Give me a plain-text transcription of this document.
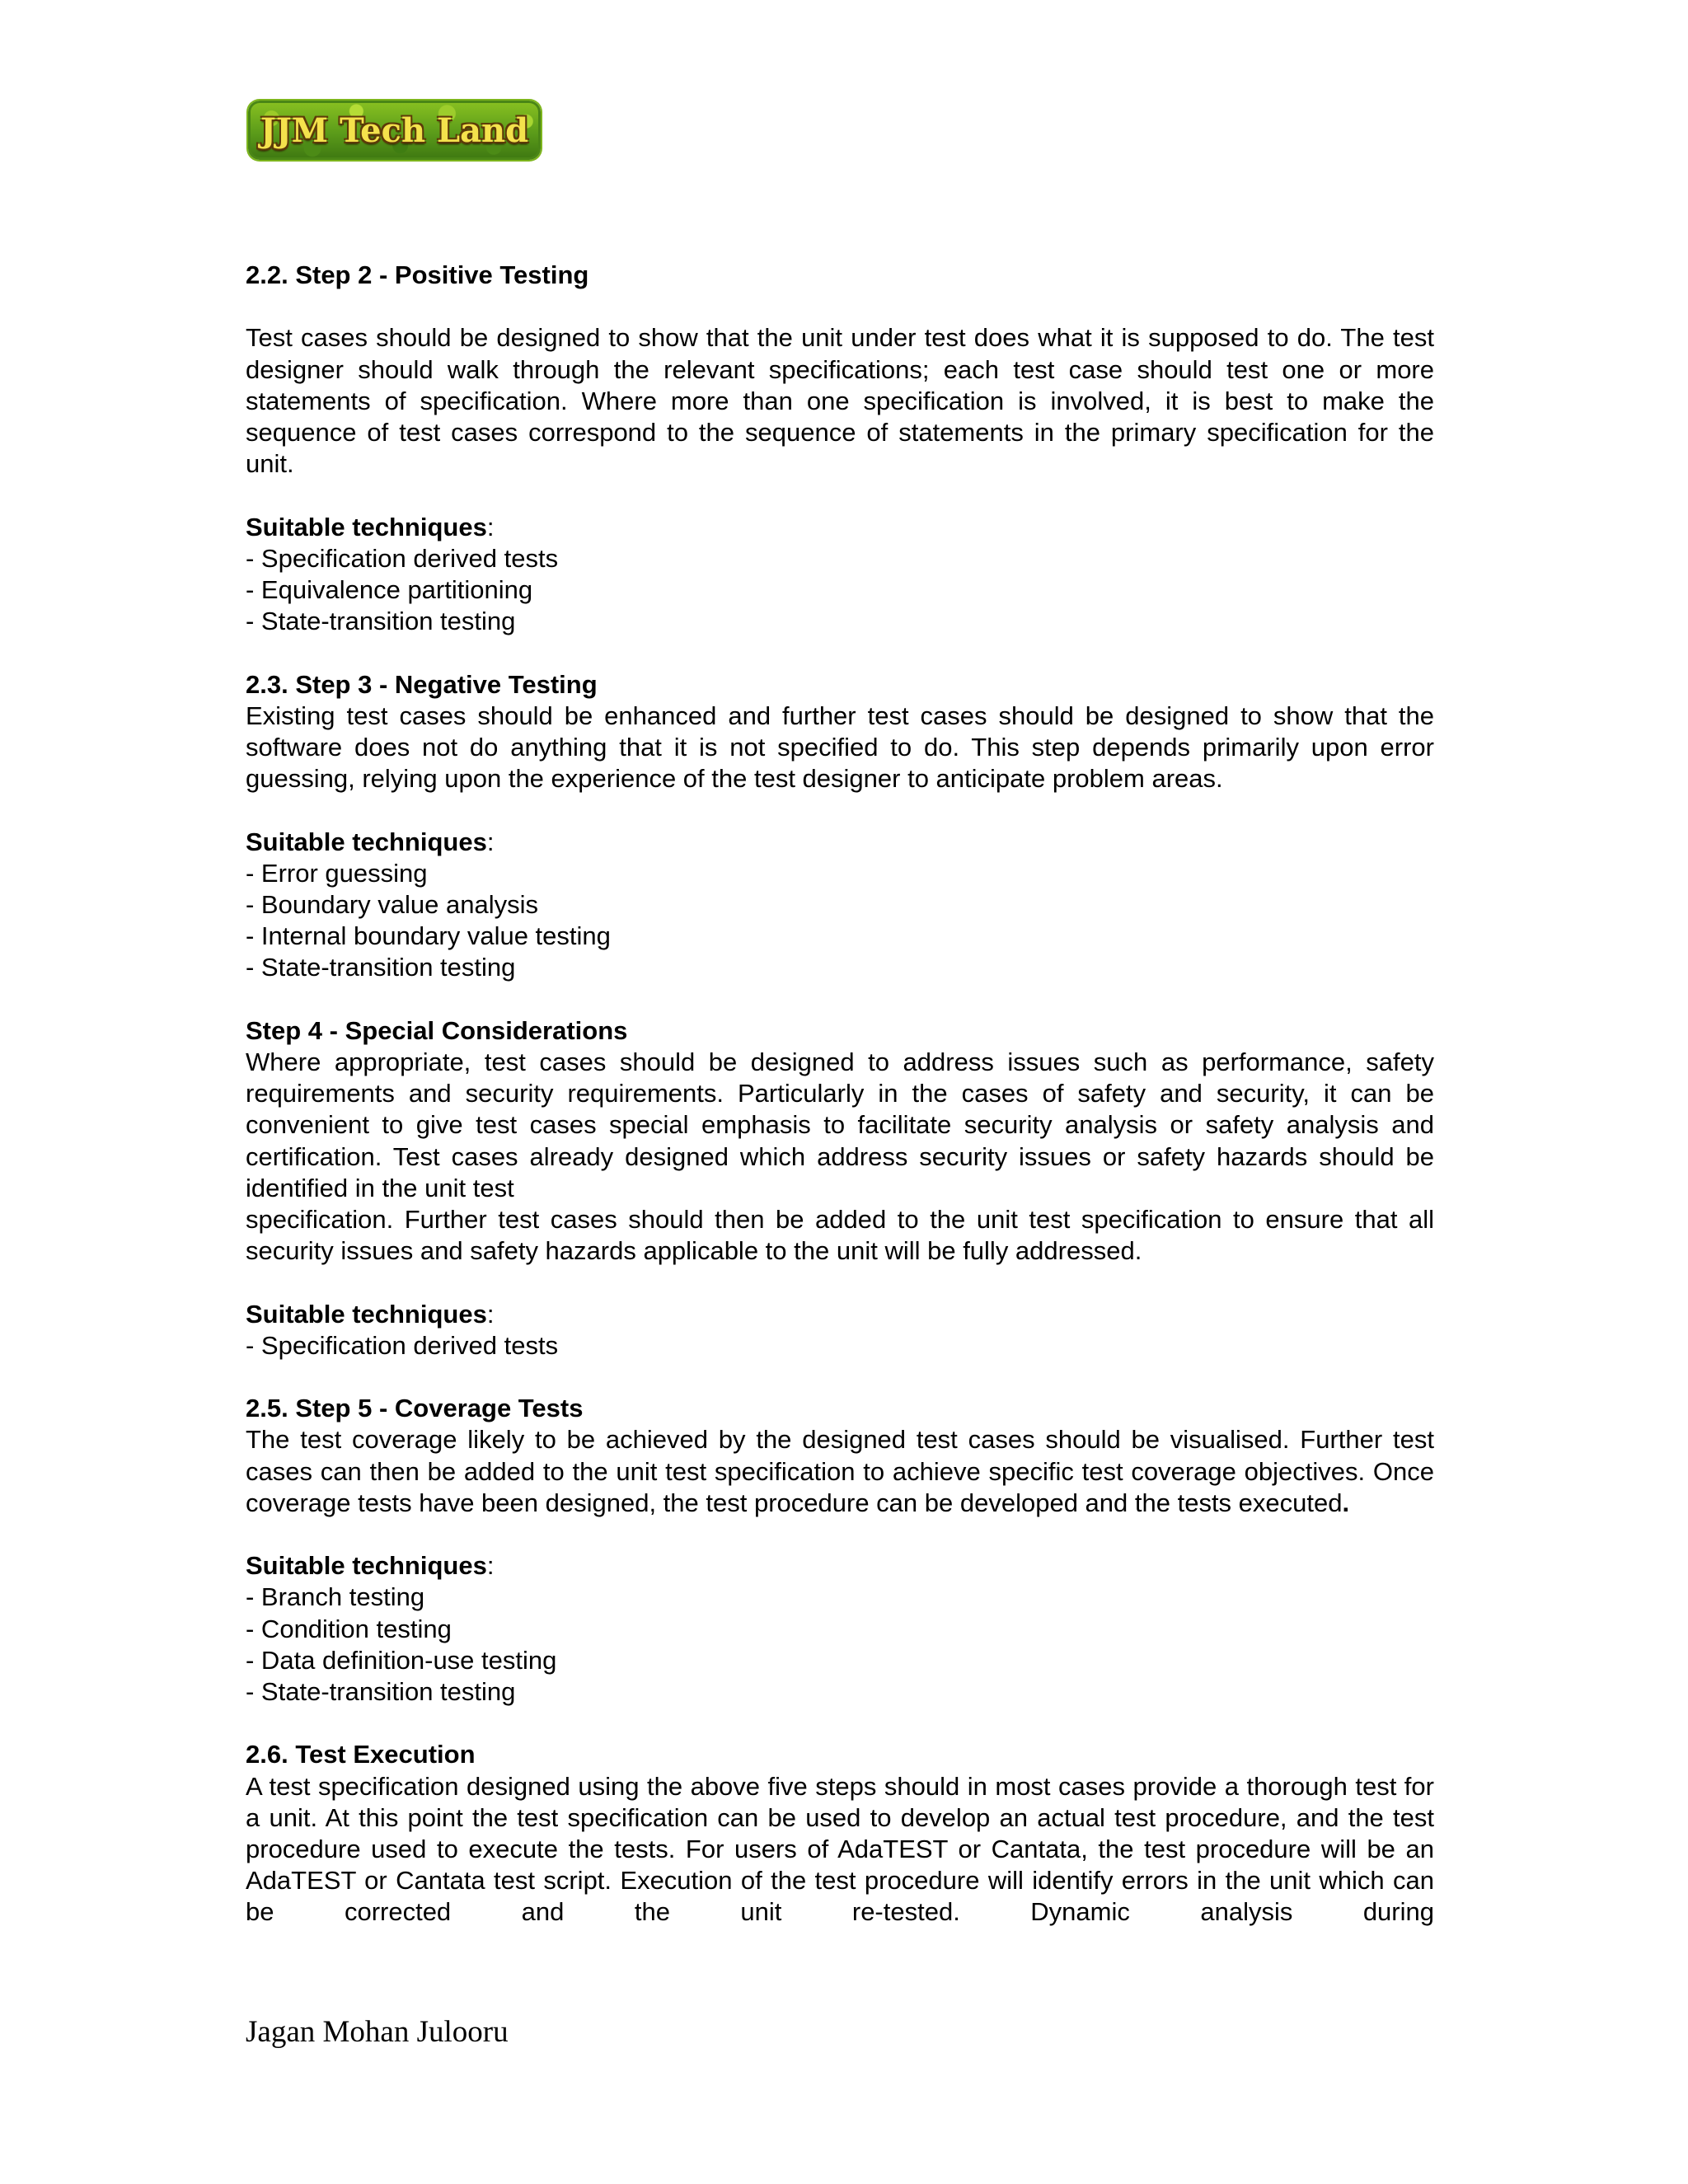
JJM Tech Land

2.2. Step 2 - Positive Testing

Test cases should be designed to show that the unit under test does what it is supposed to do. The test designer should walk through the relevant specifications; each test case should test one or more statements of specification. Where more than one specification is involved, it is best to make the sequence of test cases correspond to the sequence of statements in the primary specification for the unit.

Suitable techniques:

- Specification derived tests

- Equivalence partitioning

- State-transition testing

2.3. Step 3 - Negative Testing

Existing test cases should be enhanced and further test cases should be designed to show that the software does not do anything that it is not specified to do. This step depends primarily upon error guessing, relying upon the experience of the test designer to anticipate problem areas.

Suitable techniques:

- Error guessing

- Boundary value analysis

- Internal boundary value testing

- State-transition testing

Step 4 - Special Considerations

Where appropriate, test cases should be designed to address issues such as performance, safety requirements and security requirements. Particularly in the cases of safety and security, it can be convenient to give test cases special emphasis to facilitate security analysis or safety analysis and certification. Test cases already designed which address security issues or safety hazards should be identified in the unit test

specification. Further test cases should then be added to the unit test specification to ensure that all security issues and safety hazards applicable to the unit will be fully addressed.

Suitable techniques:

- Specification derived tests

2.5. Step 5 - Coverage Tests

The test coverage likely to be achieved by the designed test cases should be visualised. Further test cases can then be added to the unit test specification to achieve specific test coverage objectives. Once coverage tests have been designed, the test procedure can be developed and the tests executed.

Suitable techniques:

- Branch testing

- Condition testing

- Data definition-use testing

- State-transition testing

2.6. Test Execution

A test specification designed using the above five steps should in most cases provide a thorough test for a unit. At this point the test specification can be used to develop an actual test procedure, and the test procedure used to execute the tests. For users of AdaTEST or Cantata, the test procedure will be an AdaTEST or Cantata test script. Execution of the test procedure will identify errors in the unit which can be corrected and the unit re-tested. Dynamic analysis during

Jagan Mohan Julooru
